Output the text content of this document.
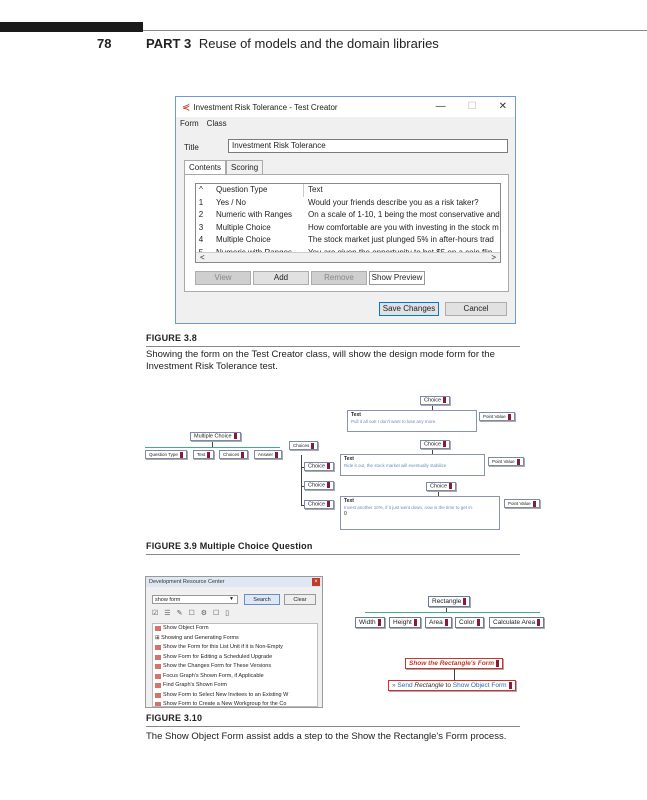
78	PART 3 Reuse of models and the domain libraries
⋞ Investment Risk Tolerance - Test Creator	— ☐ ✕
Form Class
Title	Investment Risk Tolerance
Contents	Scoring
^	Question Type	Text
1	Yes / No	Would your friends describe you as a risk taker?
2	Numeric with Ranges	On a scale of 1-10, 1 being the most conservative and
3	Multiple Choice	How comfortable are you with investing in the stock m
4	Multiple Choice	The stock market just plunged 5% in after-hours trad
<	>
View	Add	Remove	Show Preview
Save Changes	Cancel
FIGURE 3.8
Showing the form on the Test Creator class, will show the design mode form for the Investment Risk Tolerance test.
Multiple Choice
Question Type	Text	Choices	Answer
Choices
Choice
Choice
Choice
Choice
Text
Pull it all out! I don't want to lose any more.
Point Value
Choice
Text
Ride it out, the stock market will eventually stabilize
Point Value
Choice
Text
Invest another 10%, if it just went down, now is the time to get in.
0
Point Value
FIGURE 3.9 Multiple Choice Question
Development Resource Center	×
show form	▼	Search	Clear
☑ ☰ ✎ ☐ ⚙ ☐ ▯
Show Object Form
⊞ Showing and Generating Forms
Show the Form for this List Unit if it is Non-Empty
Show Form for Editing a Scheduled Upgrade
Show the Changes Form for These Versions
Focus Graph's Shown Form, if Applicable
Find Graph's Shown Form
Show Form to Select New Invitees to an Existing W
Show Form to Create a New Workgroup for the Co
Rectangle
Width	Height	Area	Color	Calculate Area
Show the Rectangle's Form
» Send Rectangle to Show Object Form
FIGURE 3.10
The Show Object Form assist adds a step to the Show the Rectangle's Form process.
